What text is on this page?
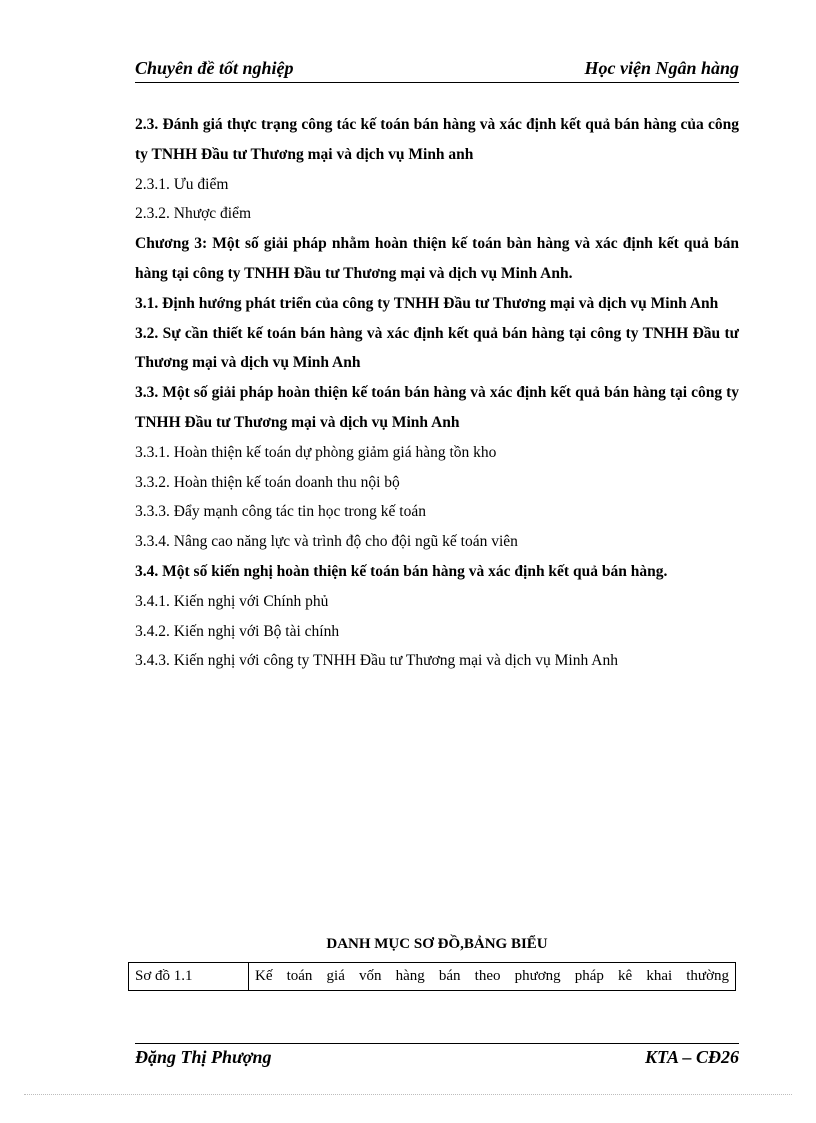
Chuyên đề tốt nghiệp	Học viện Ngân hàng

2.3. Đánh giá thực trạng công tác kế toán bán hàng và xác định kết quả bán hàng của công ty TNHH Đầu tư Thương mại và dịch vụ Minh anh

2.3.1. Ưu điểm

2.3.2. Nhược điểm

Chương 3: Một số giải pháp nhằm hoàn thiện kế toán bàn hàng và xác định kết quả bán hàng tại công ty TNHH Đầu tư Thương mại và dịch vụ Minh Anh.

3.1. Định hướng phát triển của công ty TNHH Đầu tư Thương mại và dịch vụ Minh Anh

3.2. Sự cần thiết kế toán bán hàng và xác định kết quả bán hàng tại công ty TNHH Đầu tư Thương mại và dịch vụ Minh Anh

3.3. Một số giải pháp hoàn thiện kế toán bán hàng và xác định kết quả bán hàng tại công ty TNHH Đầu tư Thương mại và dịch vụ Minh Anh

3.3.1. Hoàn thiện kế toán dự phòng giảm giá hàng tồn kho

3.3.2. Hoàn thiện kế toán doanh thu nội bộ

3.3.3. Đẩy mạnh công tác tin học trong kế toán

3.3.4. Nâng cao năng lực và trình độ cho đội ngũ kế toán viên

3.4. Một số kiến nghị hoàn thiện kế toán bán hàng và xác định kết quả bán hàng.

3.4.1. Kiến nghị với Chính phủ

3.4.2. Kiến nghị với Bộ tài chính

3.4.3. Kiến nghị với công ty TNHH Đầu tư Thương mại và dịch vụ Minh Anh

DANH MỤC SƠ ĐỒ,BẢNG BIỂU
Sơ đồ 1.1	Kế toán giá vốn hàng bán theo phương pháp kê khai thường
Đặng Thị Phượng	KTA – CĐ26
